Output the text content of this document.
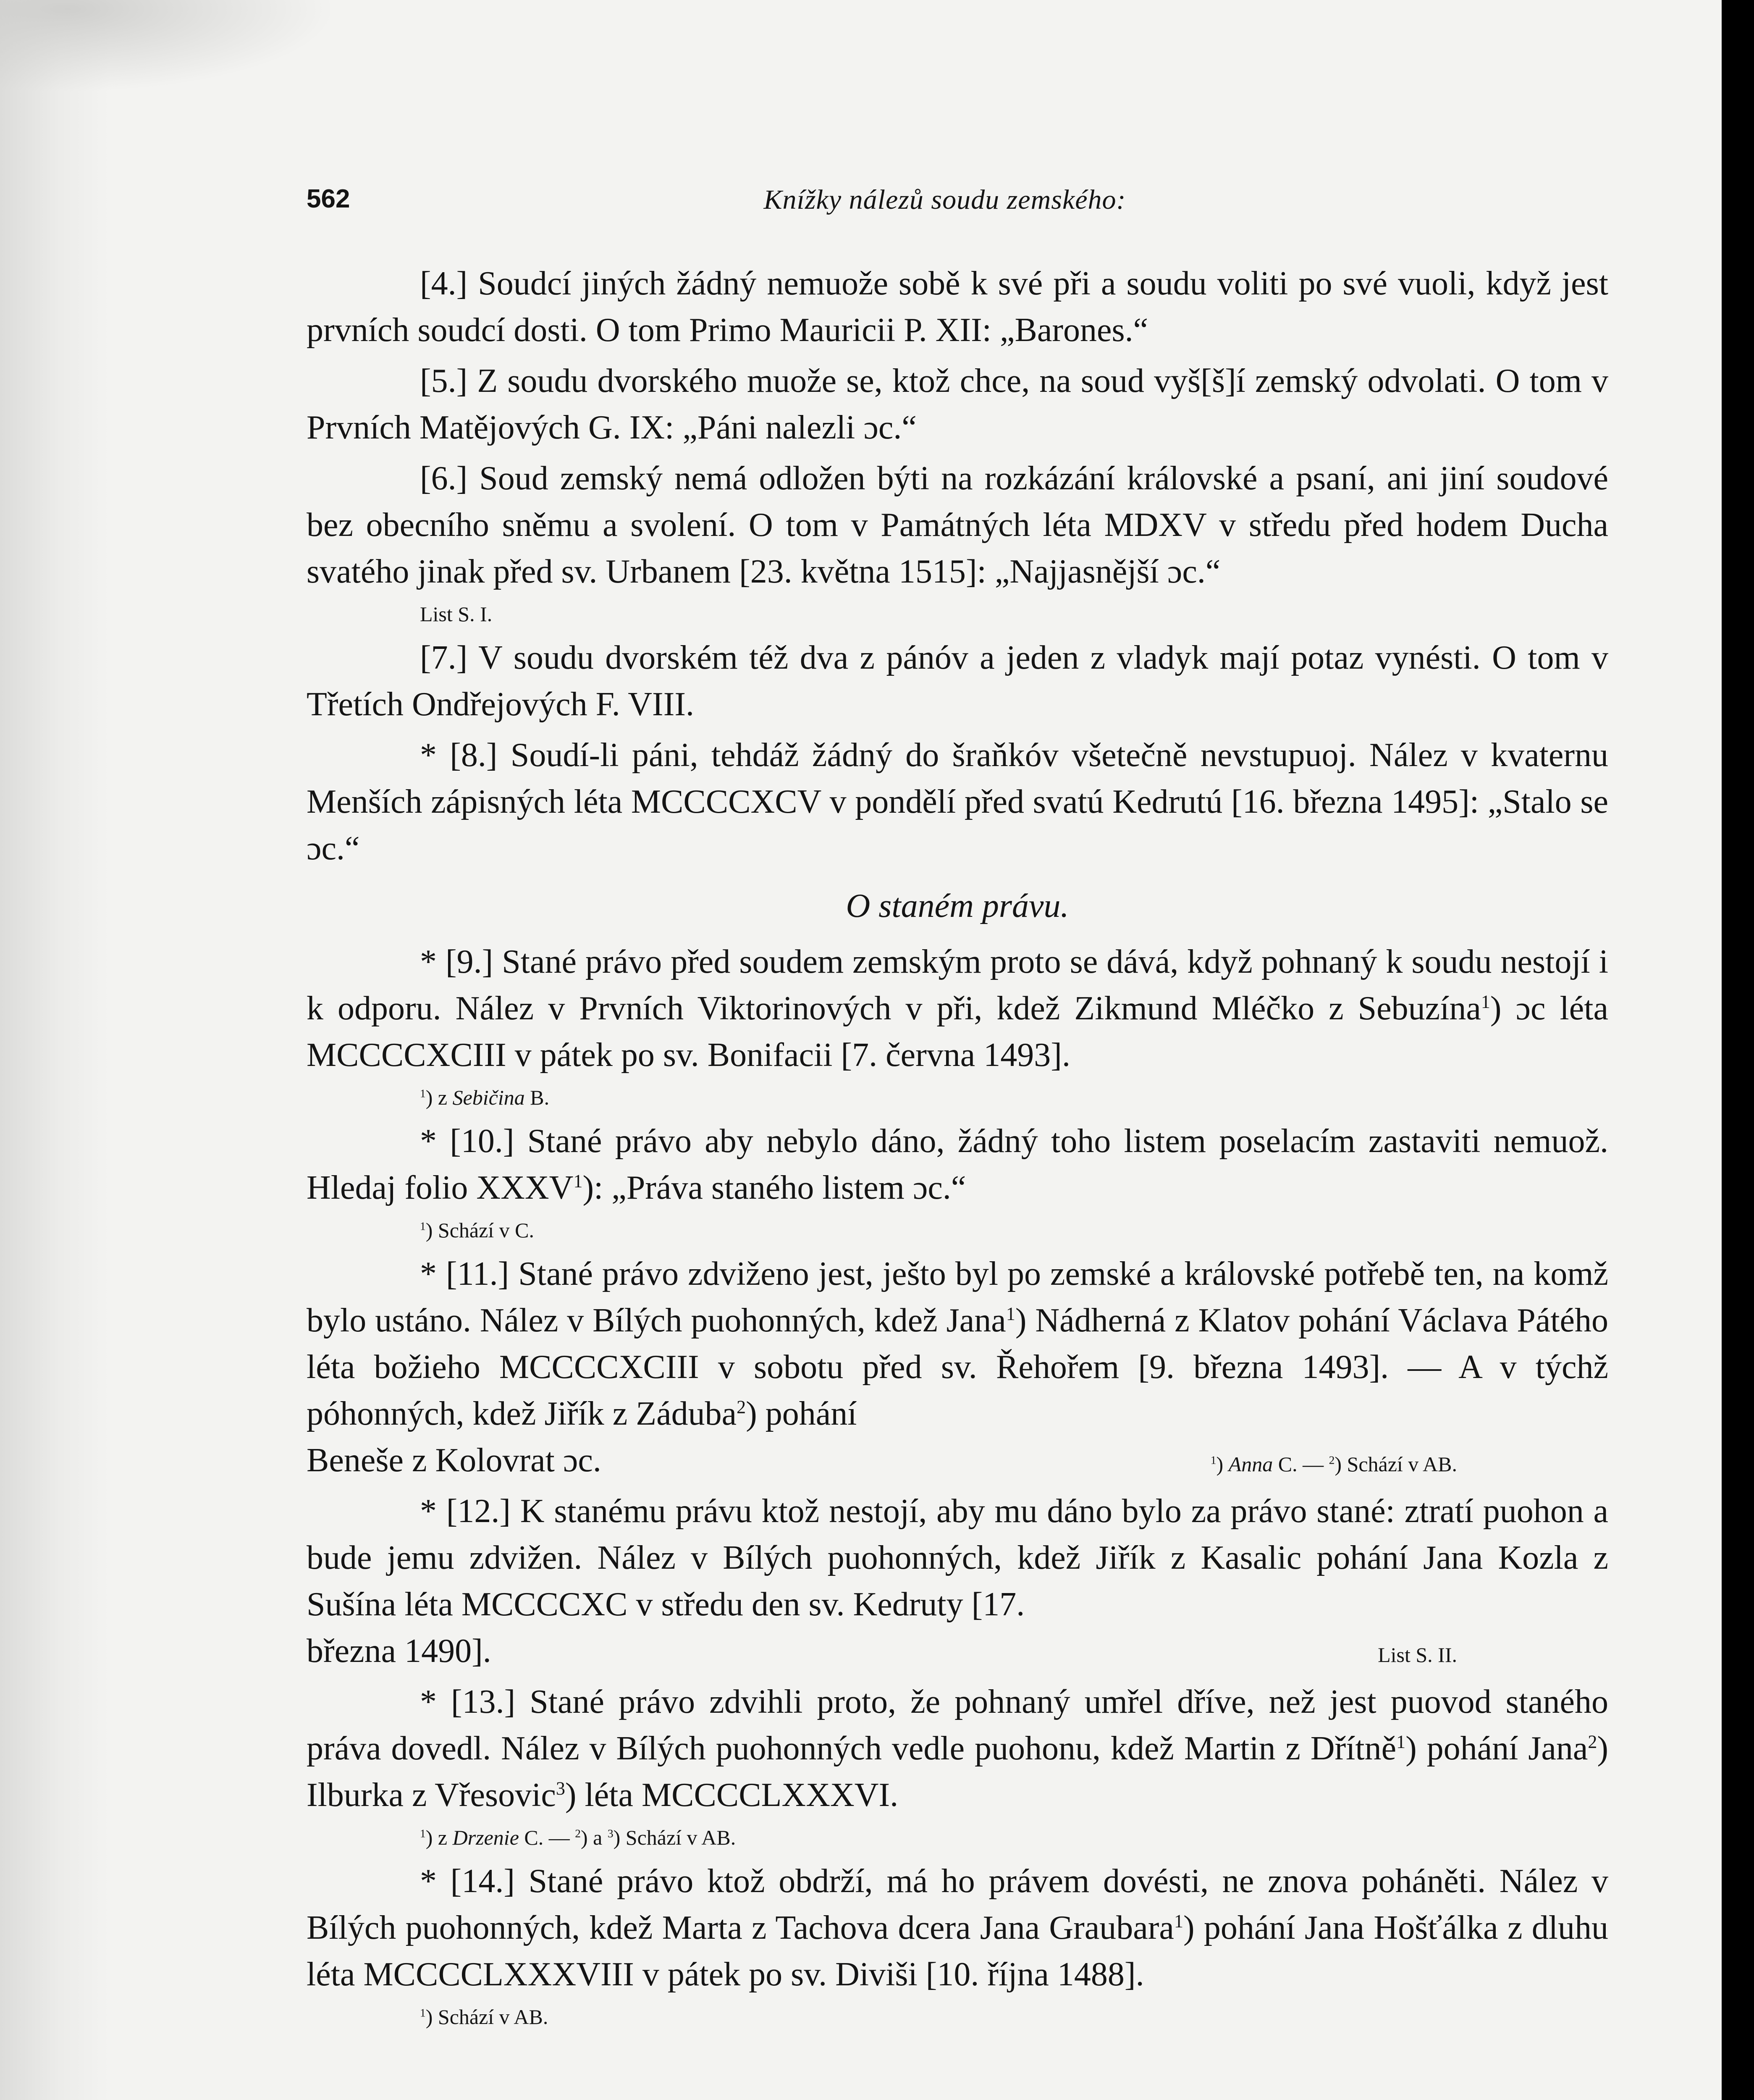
562	Knížky nálezů soudu zemského:

[4.] Soudcí jiných žádný nemuože sobě k své při a soudu voliti po své vuoli, když jest prvních soudcí dosti. O tom Primo Mauricii P. XII: „Barones.“

[5.] Z soudu dvorského muože se, ktož chce, na soud vyš[š]í zemský odvolati. O tom v Prvních Matějových G. IX: „Páni nalezli ɔc.“

[6.] Soud zemský nemá odložen býti na rozkázání královské a psaní, ani jiní soudové bez obecního sněmu a svolení. O tom v Památných léta MDXV v středu před hodem Ducha svatého jinak před sv. Urbanem [23. května 1515]: „Najjasnější ɔc.“

List S. I.

[7.] V soudu dvorském též dva z pánóv a jeden z vladyk mají potaz vynésti. O tom v Třetích Ondřejových F. VIII.

* [8.] Soudí-li páni, tehdáž žádný do šraňkóv všetečně nevstupuoj. Nález v kvaternu Menších zápisných léta MCCCCXCV v pondělí před svatú Kedrutú [16. března 1495]: „Stalo se ɔc.“

O staném právu.

* [9.] Stané právo před soudem zemským proto se dává, když pohnaný k soudu nestojí i k odporu. Nález v Prvních Viktorinových v při, kdež Zikmund Mléčko z Sebuzína$^1$) ɔc léta MCCCCXCIII v pátek po sv. Bonifacii [7. června 1493].

$^1$) z Sebičina B.

* [10.] Stané právo aby nebylo dáno, žádný toho listem poselacím zastaviti nemuož. Hledaj folio XXXV$^1$): „Práva staného listem ɔc.“

$^1$) Schází v C.

* [11.] Stané právo zdviženo jest, ješto byl po zemské a královské potřebě ten, na komž bylo ustáno. Nález v Bílých puohonných, kdež Jana$^1$) Nádherná z Klatov pohání Václava Pátého léta božieho MCCCCXCIII v sobotu před sv. Řehořem [9. března 1493]. — A v týchž póhonných, kdež Jiřík z Záduba$^2$) pohání

Beneše z Kolovrat ɔc.	$^1$) Anna C. — $^2$) Schází v AB.

* [12.] K stanému právu ktož nestojí, aby mu dáno bylo za právo stané: ztratí puohon a bude jemu zdvižen. Nález v Bílých puohonných, kdež Jiřík z Kasalic pohání Jana Kozla z Sušína léta MCCCCXC v středu den sv. Kedruty [17.

března 1490].	List S. II.

* [13.] Stané právo zdvihli proto, že pohnaný umřel dříve, než jest puovod staného práva dovedl. Nález v Bílých puohonných vedle puohonu, kdež Martin z Dřítně$^1$) pohání Jana$^2$) Ilburka z Vřesovic$^3$) léta MCCCCLXXXVI.

$^1$) z Drzenie C. — $^2$) a $^3$) Schází v AB.

* [14.] Stané právo ktož obdrží, má ho právem dovésti, ne znova poháněti. Nález v Bílých puohonných, kdež Marta z Tachova dcera Jana Graubara$^1$) pohání Jana Hošťálka z dluhu léta MCCCCLXXXVIII v pátek po sv. Diviši [10. října 1488].

$^1$) Schází v AB.
